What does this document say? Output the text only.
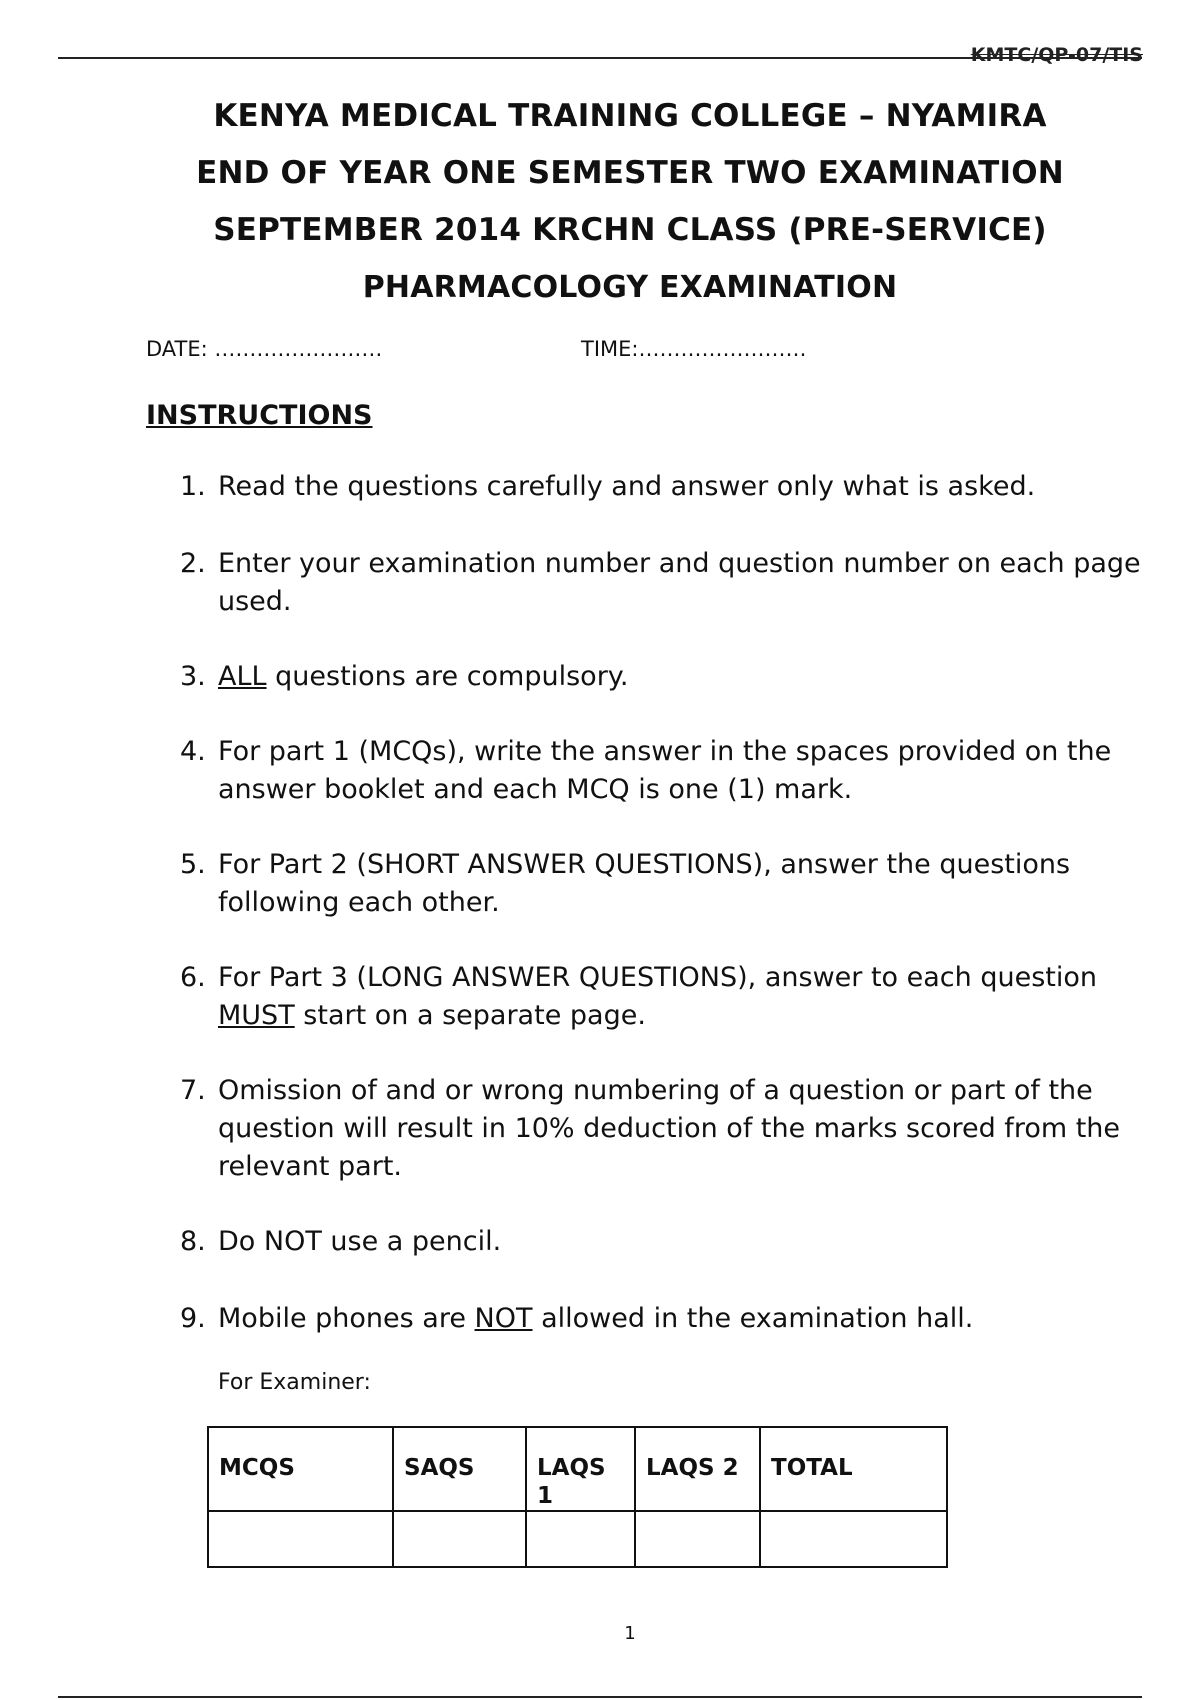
KMTC/QP-07/TIS
KENYA MEDICAL TRAINING COLLEGE – NYAMIRA
END OF YEAR ONE SEMESTER TWO EXAMINATION
SEPTEMBER 2014 KRCHN CLASS (PRE-SERVICE)
PHARMACOLOGY EXAMINATION
DATE: ……………………	TIME:……………………
INSTRUCTIONS
1. Read the questions carefully and answer only what is asked.
2. Enter your examination number and question number on each page used.
3. ALL questions are compulsory.
4. For part 1 (MCQs), write the answer in the spaces provided on the answer booklet and each MCQ is one (1) mark.
5. For Part 2 (SHORT ANSWER QUESTIONS), answer the questions following each other.
6. For Part 3 (LONG ANSWER QUESTIONS), answer to each question MUST start on a separate page.
7. Omission of and or wrong numbering of a question or part of the question will result in 10% deduction of the marks scored from the relevant part.
8. Do NOT use a pencil.
9. Mobile phones are NOT allowed in the examination hall.
For Examiner:
MCQS	SAQS	LAQS 1	LAQS 2	TOTAL

1
